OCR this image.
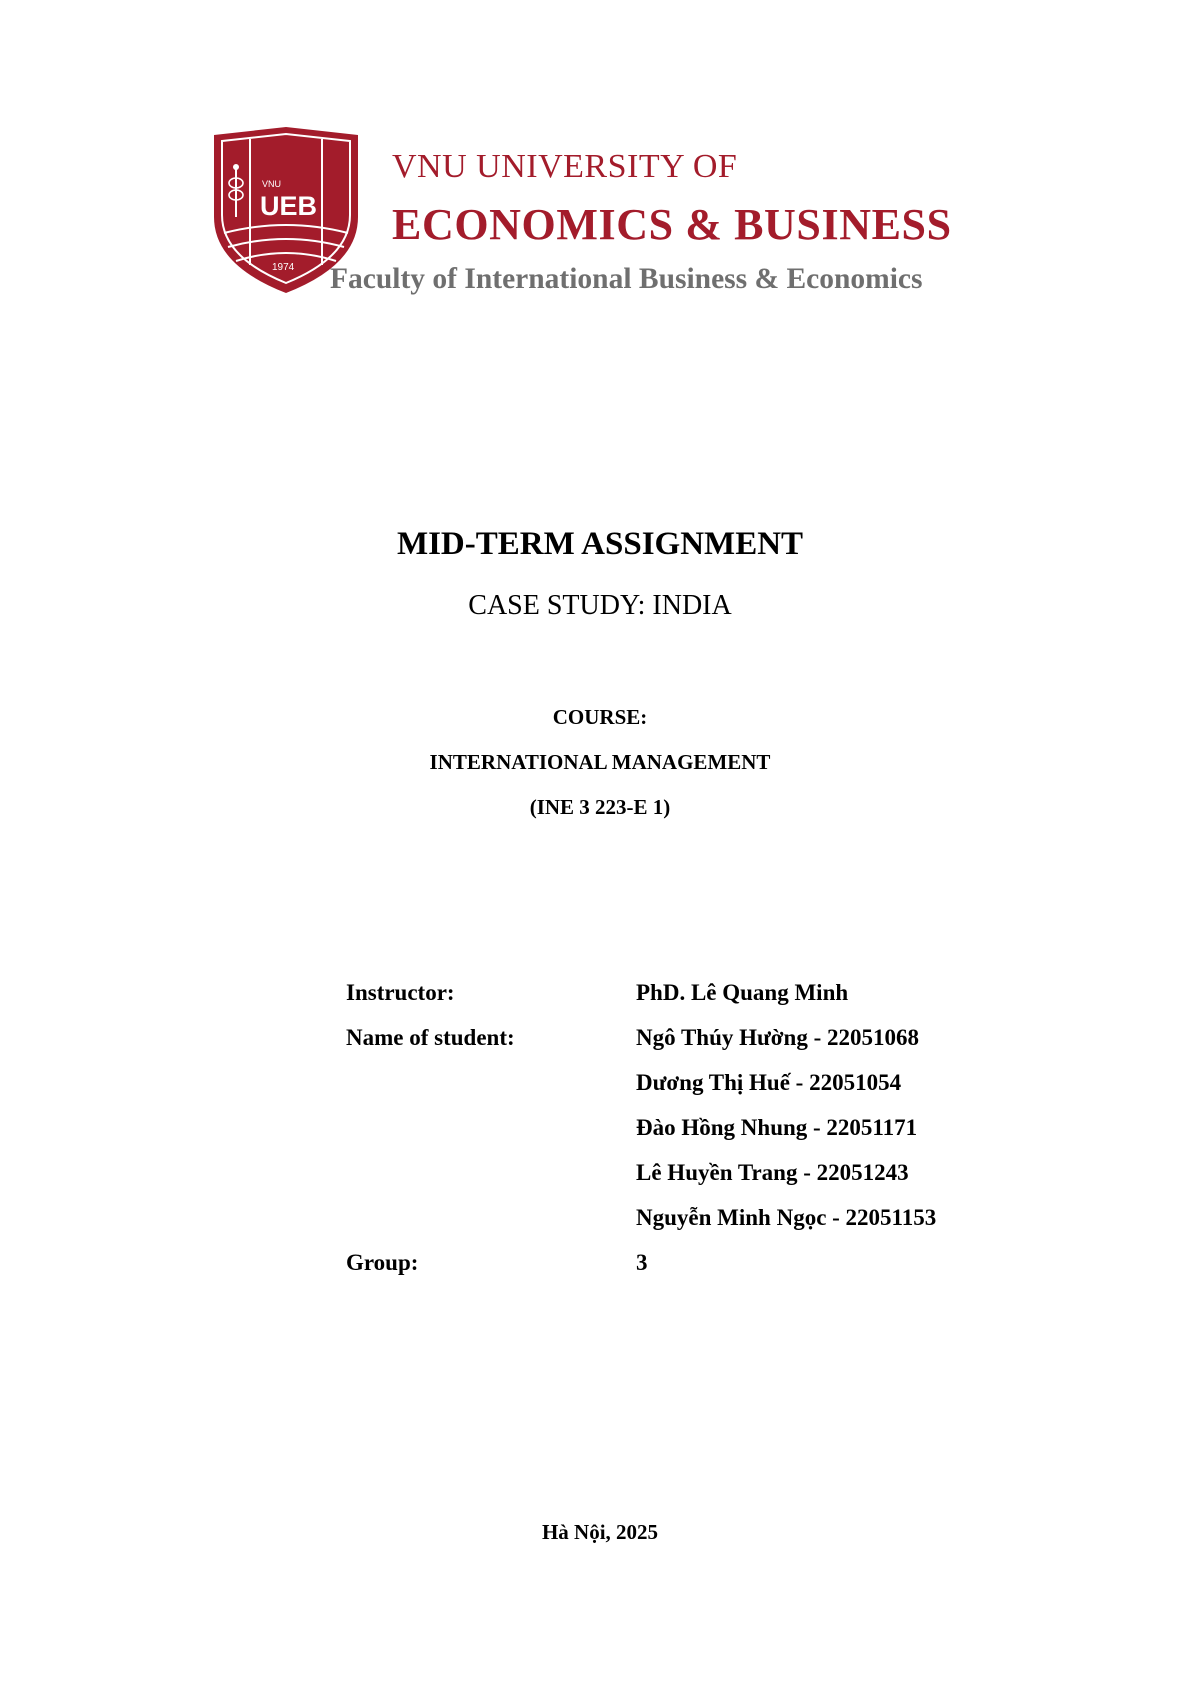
VNU
UEB
1974
VNU UNIVERSITY OF
ECONOMICS & BUSINESS
Faculty of International Business & Economics
MID-TERM ASSIGNMENT
CASE STUDY: INDIA
COURSE:
INTERNATIONAL MANAGEMENT
(INE 3 223-E 1)
Instructor:	PhD. Lê Quang Minh
Name of student:	Ngô Thúy Hường - 22051068
Dương Thị Huế - 22051054
Đào Hồng Nhung - 22051171
Lê Huyền Trang - 22051243
Nguyễn Minh Ngọc - 22051153
Group:	3
Hà Nội, 2025
